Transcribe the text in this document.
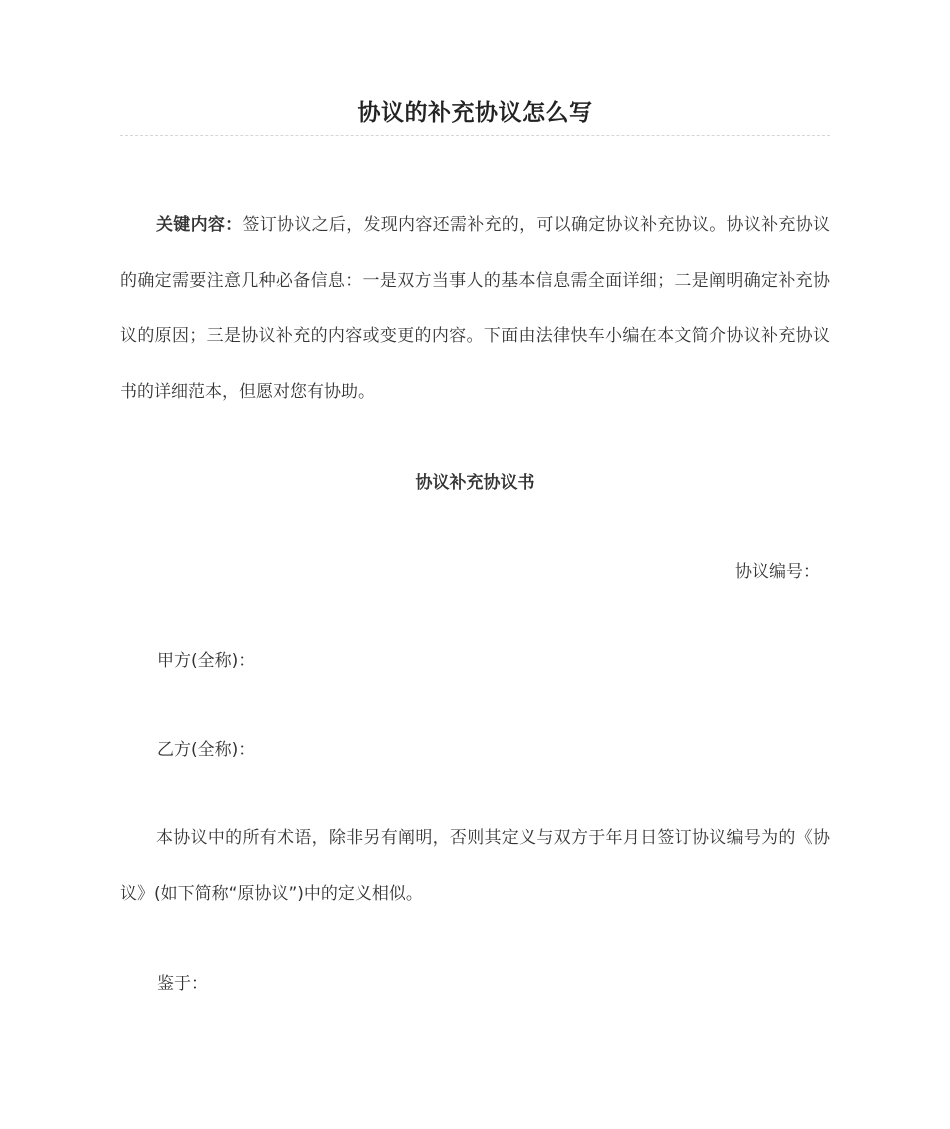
协议的补充协议怎么写

关键内容：签订协议之后，发现内容还需补充的，可以确定协议补充协议。协议补充协议的确定需要注意几种必备信息：一是双方当事人的基本信息需全面详细；二是阐明确定补充协议的原因；三是协议补充的内容或变更的内容。下面由法律快车小编在本文简介协议补充协议书的详细范本，但愿对您有协助。

协议补充协议书
协议编号：
甲方(全称)：
乙方(全称)：

本协议中的所有术语，除非另有阐明，否则其定义与双方于年月日签订协议编号为的《协议》(如下简称“原协议”)中的定义相似。

鉴于：
